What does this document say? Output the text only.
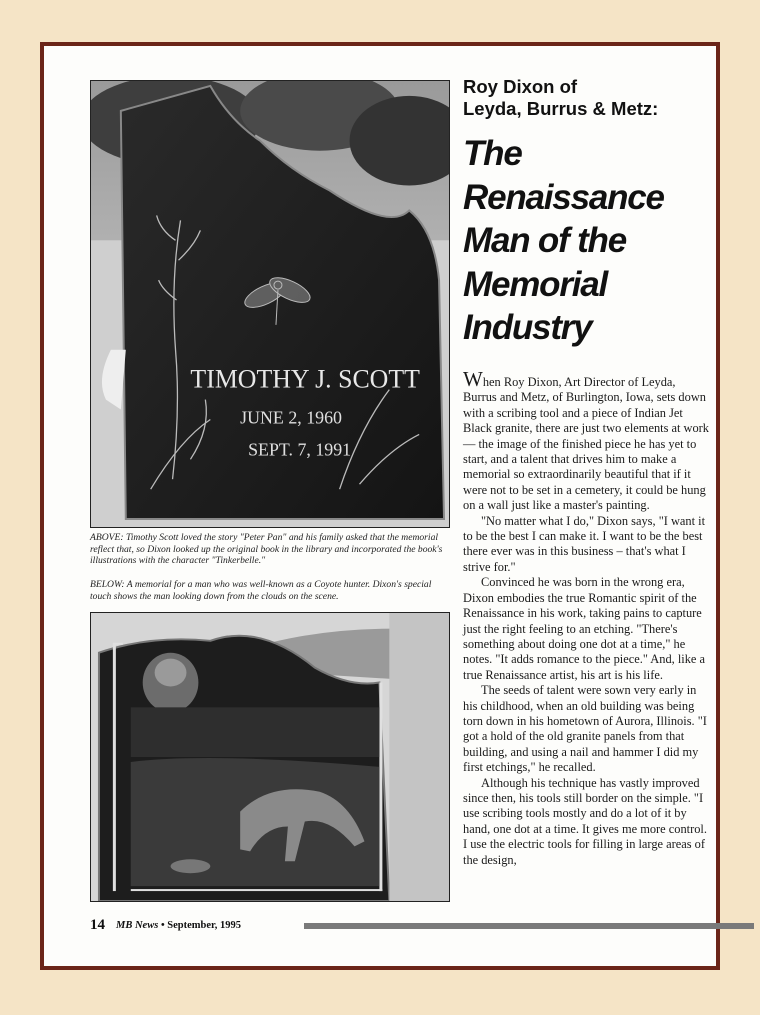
TIMOTHY J. SCOTT
JUNE 2, 1960
SEPT. 7, 1991
ABOVE: Timothy Scott loved the story "Peter Pan" and his family asked that the memorial reflect that, so Dixon looked up the original book in the library and incorporated the book's illustrations with the character "Tinkerbelle."
BELOW: A memorial for a man who was well-known as a Coyote hunter. Dixon's special touch shows the man looking down from the clouds on the scene.
Roy Dixon of
Leyda, Burrus & Metz:
The
Renaissance
Man of the
Memorial
Industry

When Roy Dixon, Art Director of Leyda, Burrus and Metz, of Burlington, Iowa, sets down with a scribing tool and a piece of Indian Jet Black granite, there are just two elements at work — the image of the finished piece he has yet to start, and a talent that drives him to make a memorial so extraordinarily beautiful that if it were not to be set in a cemetery, it could be hung on a wall just like a master's painting.

"No matter what I do," Dixon says, "I want it to be the best I can make it. I want to be the best there ever was in this business – that's what I strive for."

Convinced he was born in the wrong era, Dixon embodies the true Romantic spirit of the Renaissance in his work, taking pains to capture just the right feeling to an etching. "There's something about doing one dot at a time," he notes. "It adds romance to the piece." And, like a true Renaissance artist, his art is his life.

The seeds of talent were sown very early in his childhood, when an old building was being torn down in his hometown of Aurora, Illinois. "I got a hold of the old granite panels from that building, and using a nail and hammer I did my first etchings," he recalled.

Although his technique has vastly improved since then, his tools still border on the simple. "I use scribing tools mostly and do a lot of it by hand, one dot at a time. It gives me more control. I use the electric tools for filling in large areas of the design,

14 MB News • September, 1995
